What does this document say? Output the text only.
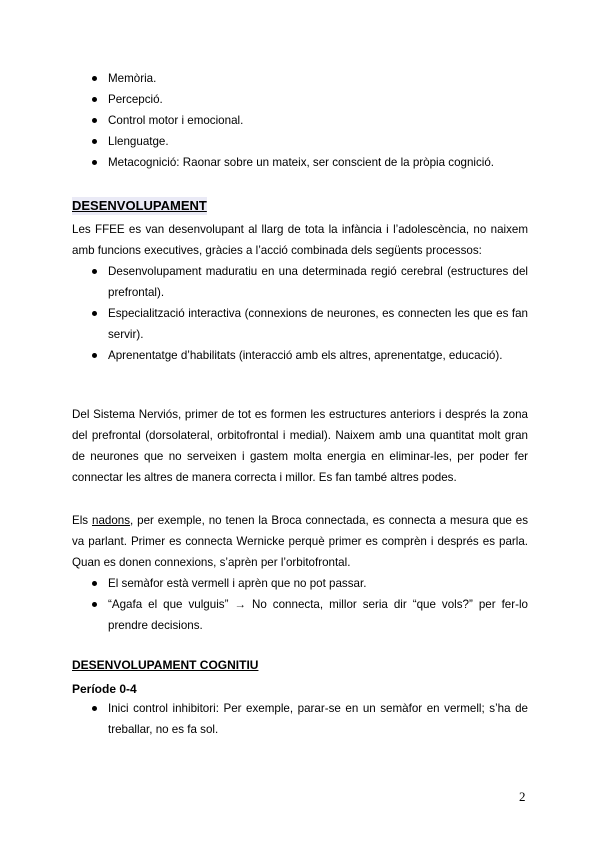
Memòria.
Percepció.
Control motor i emocional.
Llenguatge.
Metacognició: Raonar sobre un mateix, ser conscient de la pròpia cognició.
DESENVOLUPAMENT

Les FFEE es van desenvolupant al llarg de tota la infància i l’adolescència, no naixem amb funcions executives, gràcies a l’acció combinada dels següents processos:

Desenvolupament maduratiu en una determinada regió cerebral (estructures del prefrontal).
Especialització interactiva (connexions de neurones, es connecten les que es fan servir).
Aprenentatge d’habilitats (interacció amb els altres, aprenentatge, educació).

Del Sistema Nerviós, primer de tot es formen les estructures anteriors i després la zona del prefrontal (dorsolateral, orbitofrontal i medial). Naixem amb una quantitat molt gran de neurones que no serveixen i gastem molta energia en eliminar-les, per poder fer connectar les altres de manera correcta i millor. Es fan també altres podes.

Els nadons, per exemple, no tenen la Broca connectada, es connecta a mesura que es va parlant. Primer es connecta Wernicke perquè primer es comprèn i després es parla. Quan es donen connexions, s’aprèn per l’orbitofrontal.

El semàfor està vermell i aprèn que no pot passar.
“Agafa el que vulguis” → No connecta, millor seria dir “que vols?” per fer-lo prendre decisions.
DESENVOLUPAMENT COGNITIU
Període 0-4
Inici control inhibitori: Per exemple, parar-se en un semàfor en vermell; s’ha de treballar, no es fa sol.
2
